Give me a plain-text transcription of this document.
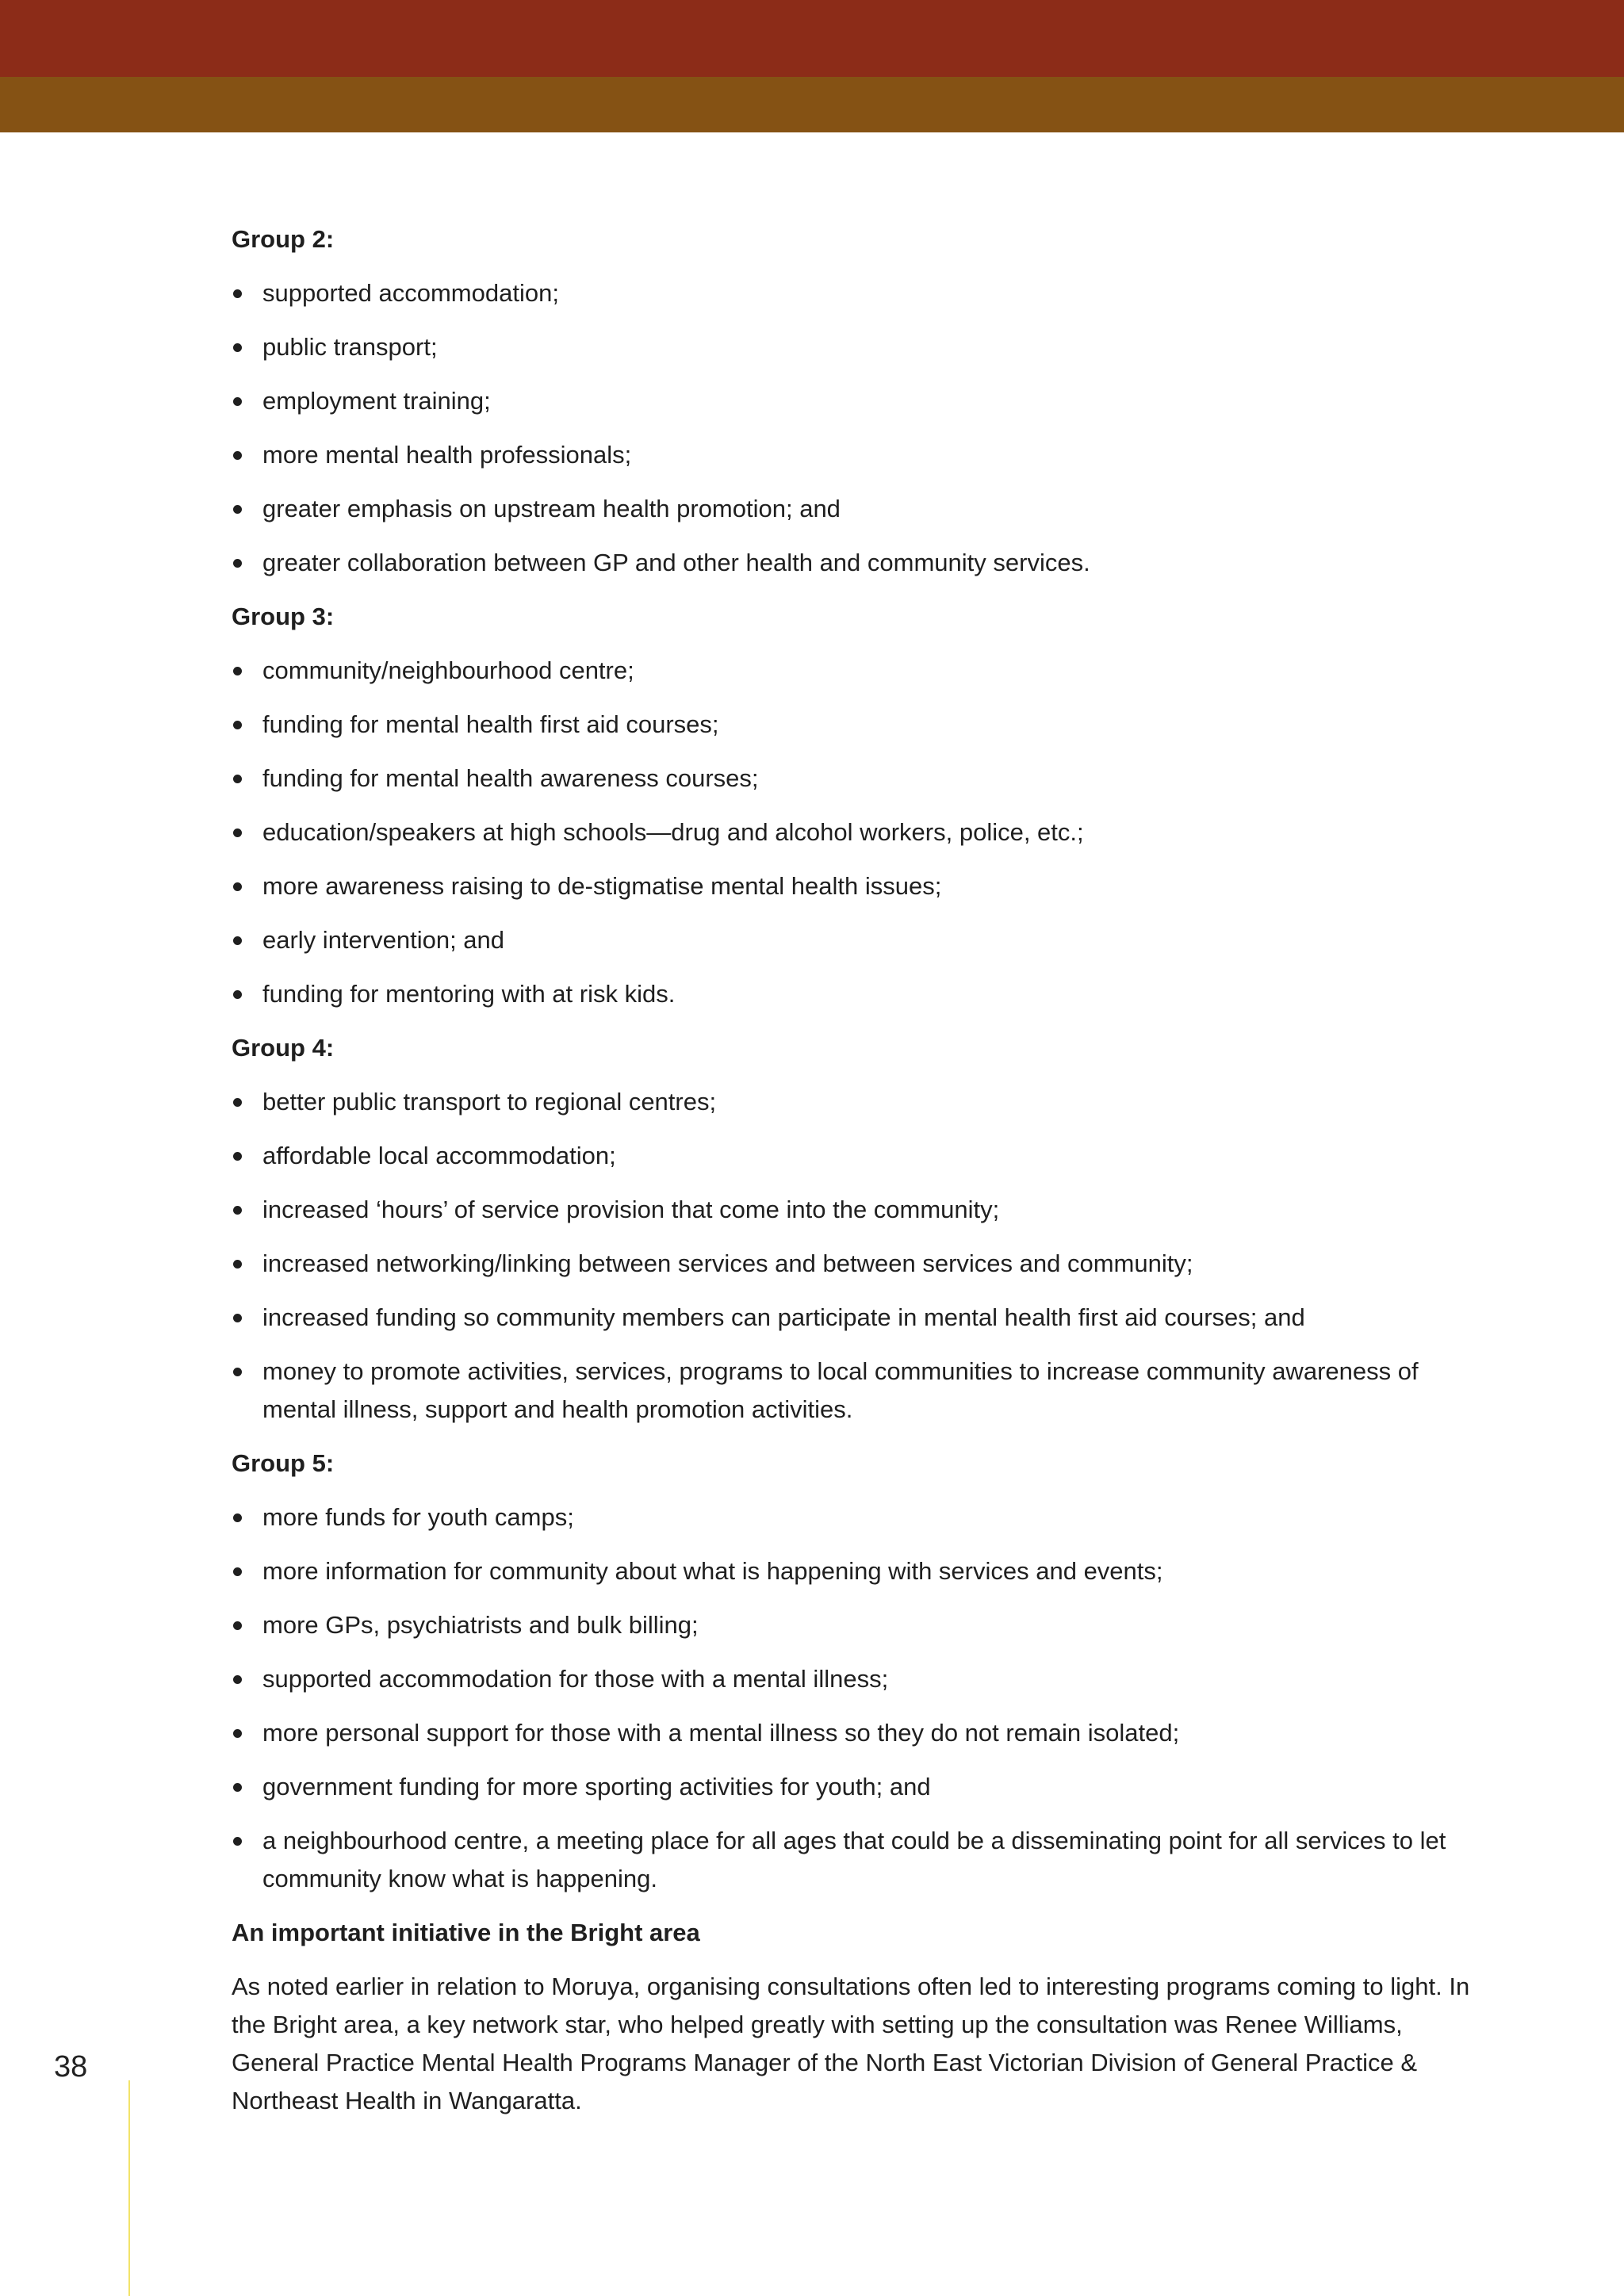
Group 2:

supported accommodation;
public transport;
employment training;
more mental health professionals;
greater emphasis on upstream health promotion; and
greater collaboration between GP and other health and community services.

Group 3:

community/neighbourhood centre;
funding for mental health first aid courses;
funding for mental health awareness courses;
education/speakers at high schools—drug and alcohol workers, police, etc.;
more awareness raising to de-stigmatise mental health issues;
early intervention; and
funding for mentoring with at risk kids.

Group 4:

better public transport to regional centres;
affordable local accommodation;
increased ‘hours’ of service provision that come into the community;
increased networking/linking between services and between services and community;
increased funding so community members can participate in mental health first aid courses; and
money to promote activities, services, programs to local communities to increase community awareness of mental illness, support and health promotion activities.

Group 5:

more funds for youth camps;
more information for community about what is happening with services and events;
more GPs, psychiatrists and bulk billing;
supported accommodation for those with a mental illness;
more personal support for those with a mental illness so they do not remain isolated;
government funding for more sporting activities for youth; and
a neighbourhood centre, a meeting place for all ages that could be a disseminating point for all services to let community know what is happening.

An important initiative in the Bright area

As noted earlier in relation to Moruya, organising consultations often led to interesting programs coming to light. In the Bright area, a key network star, who helped greatly with setting up the consultation was Renee Williams, General Practice Mental Health Programs Manager of the North East Victorian Division of General Practice & Northeast Health in Wangaratta.

38
